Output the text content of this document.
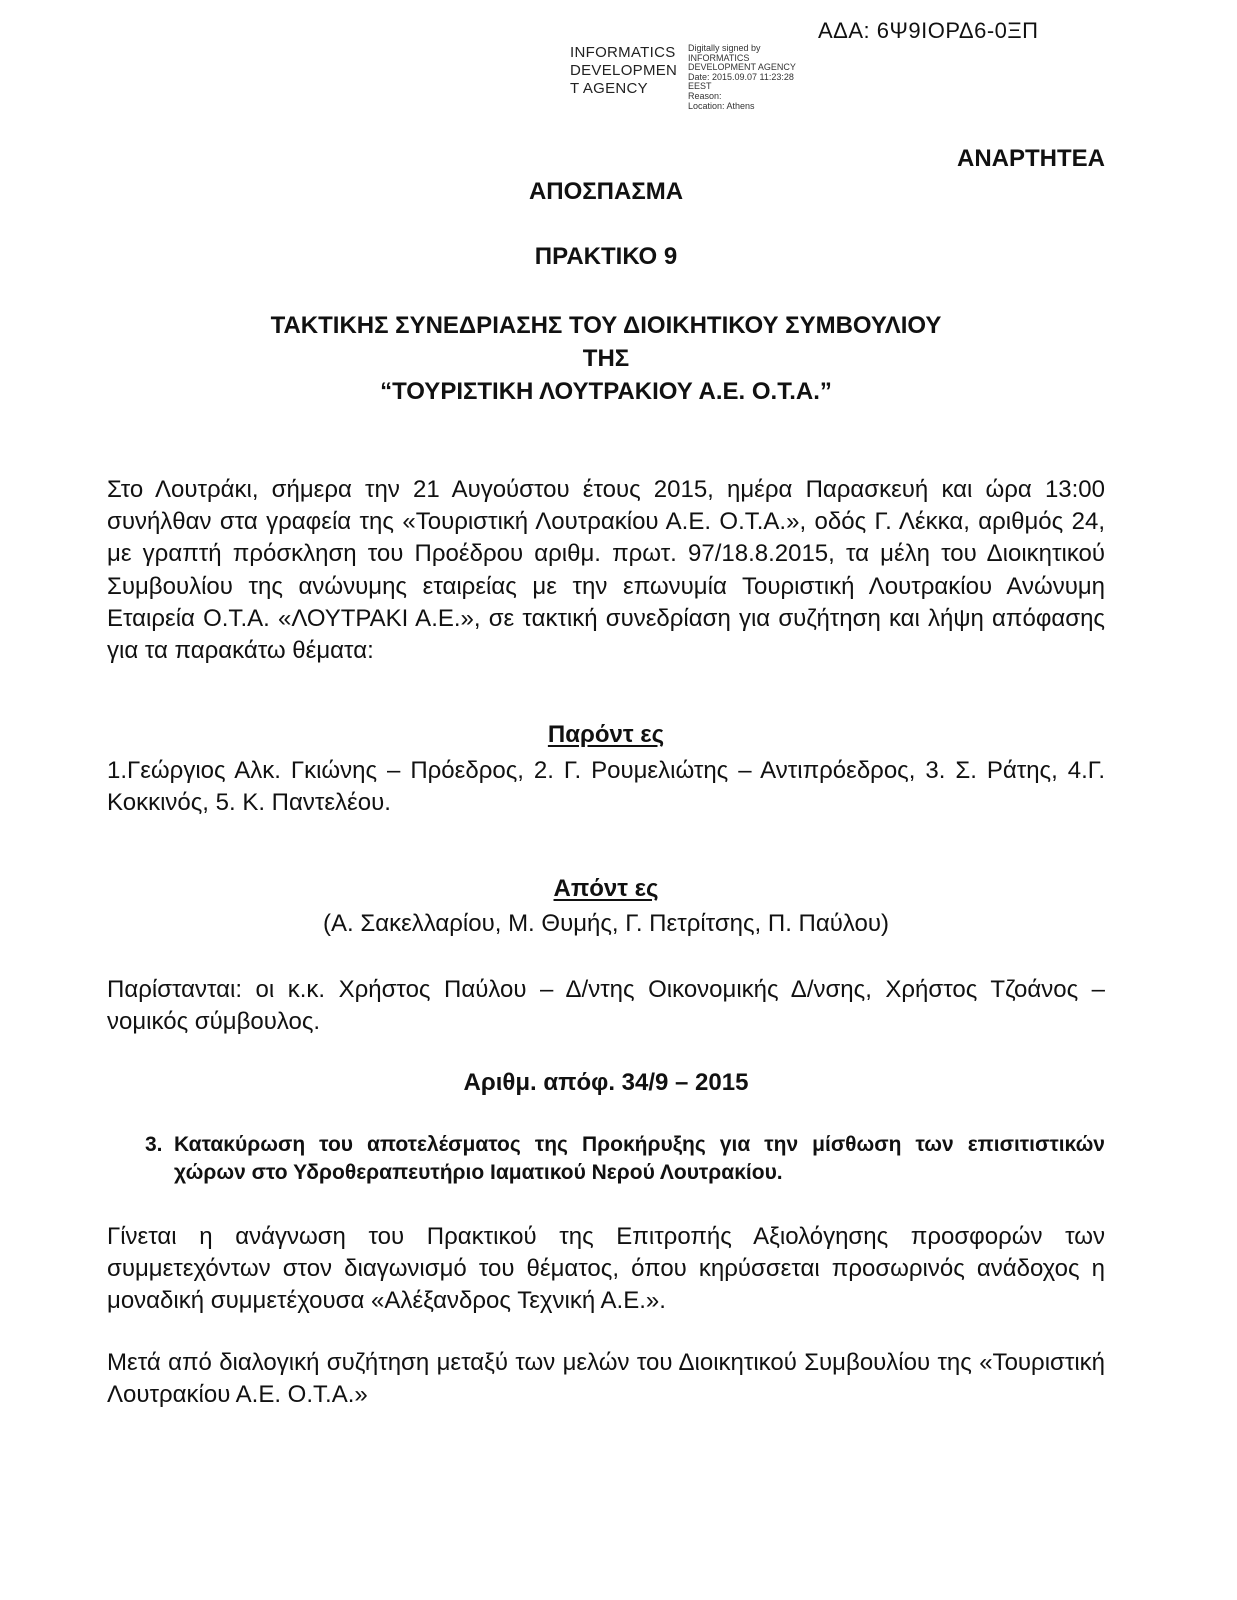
ΑΔΑ: 6Ψ9ΙΟΡΔ6-0ΞΠ
INFORMATICS
DEVELOPMEN
T AGENCY
Digitally signed by
INFORMATICS
DEVELOPMENT AGENCY
Date: 2015.09.07 11:23:28
EEST
Reason:
Location: Athens
ΑΝΑΡΤΗΤΕΑ
ΑΠΟΣΠΑΣΜΑ
ΠΡΑΚΤΙΚΟ 9
ΤΑΚΤΙΚΗΣ ΣΥΝΕΔΡΙΑΣΗΣ ΤΟΥ ΔΙΟΙΚΗΤΙΚΟΥ ΣΥΜΒΟΥΛΙΟΥ
ΤΗΣ
“ΤΟΥΡΙΣΤΙΚΗ ΛΟΥΤΡΑΚΙΟΥ Α.Ε. Ο.Τ.Α.”
Στο Λουτράκι, σήμερα την 21 Αυγούστου έτους 2015, ημέρα Παρασκευή και ώρα 13:00 συνήλθαν στα γραφεία της «Τουριστική Λουτρακίου Α.Ε. Ο.Τ.Α.», οδός Γ. Λέκκα, αριθμός 24, με γραπτή πρόσκληση του Προέδρου αριθμ. πρωτ. 97/18.8.2015, τα μέλη του Διοικητικού Συμβουλίου της ανώνυμης εταιρείας με την επωνυμία Τουριστική Λουτρακίου Ανώνυμη Εταιρεία Ο.Τ.Α. «ΛΟΥΤΡΑΚΙ Α.Ε.», σε τακτική συνεδρίαση για συζήτηση και λήψη απόφασης για τα παρακάτω θέματα:
Παρόντ ες
1.Γεώργιος Αλκ. Γκιώνης – Πρόεδρος, 2. Γ. Ρουμελιώτης – Αντιπρόεδρος, 3. Σ. Ράτης, 4.Γ. Κοκκινός, 5. Κ. Παντελέου.
Απόντ ες
(Α. Σακελλαρίου, Μ. Θυμής, Γ. Πετρίτσης, Π. Παύλου)
Παρίστανται: οι κ.κ. Χρήστος Παύλου – Δ/ντης Οικονομικής Δ/νσης, Χρήστος Τζοάνος – νομικός σύμβουλος.
Αριθμ. απόφ. 34/9 – 2015
3. Κατακύρωση του αποτελέσματος της Προκήρυξης για την μίσθωση των επισιτιστικών χώρων στο Υδροθεραπευτήριο Ιαματικού Νερού Λουτρακίου.
Γίνεται η ανάγνωση του Πρακτικού της Επιτροπής Αξιολόγησης προσφορών των συμμετεχόντων στον διαγωνισμό του θέματος, όπου κηρύσσεται προσωρινός ανάδοχος η μοναδική συμμετέχουσα «Αλέξανδρος Τεχνική Α.Ε.».
Μετά από διαλογική συζήτηση μεταξύ των μελών του Διοικητικού Συμβουλίου της «Τουριστική Λουτρακίου Α.Ε. Ο.Τ.Α.»
